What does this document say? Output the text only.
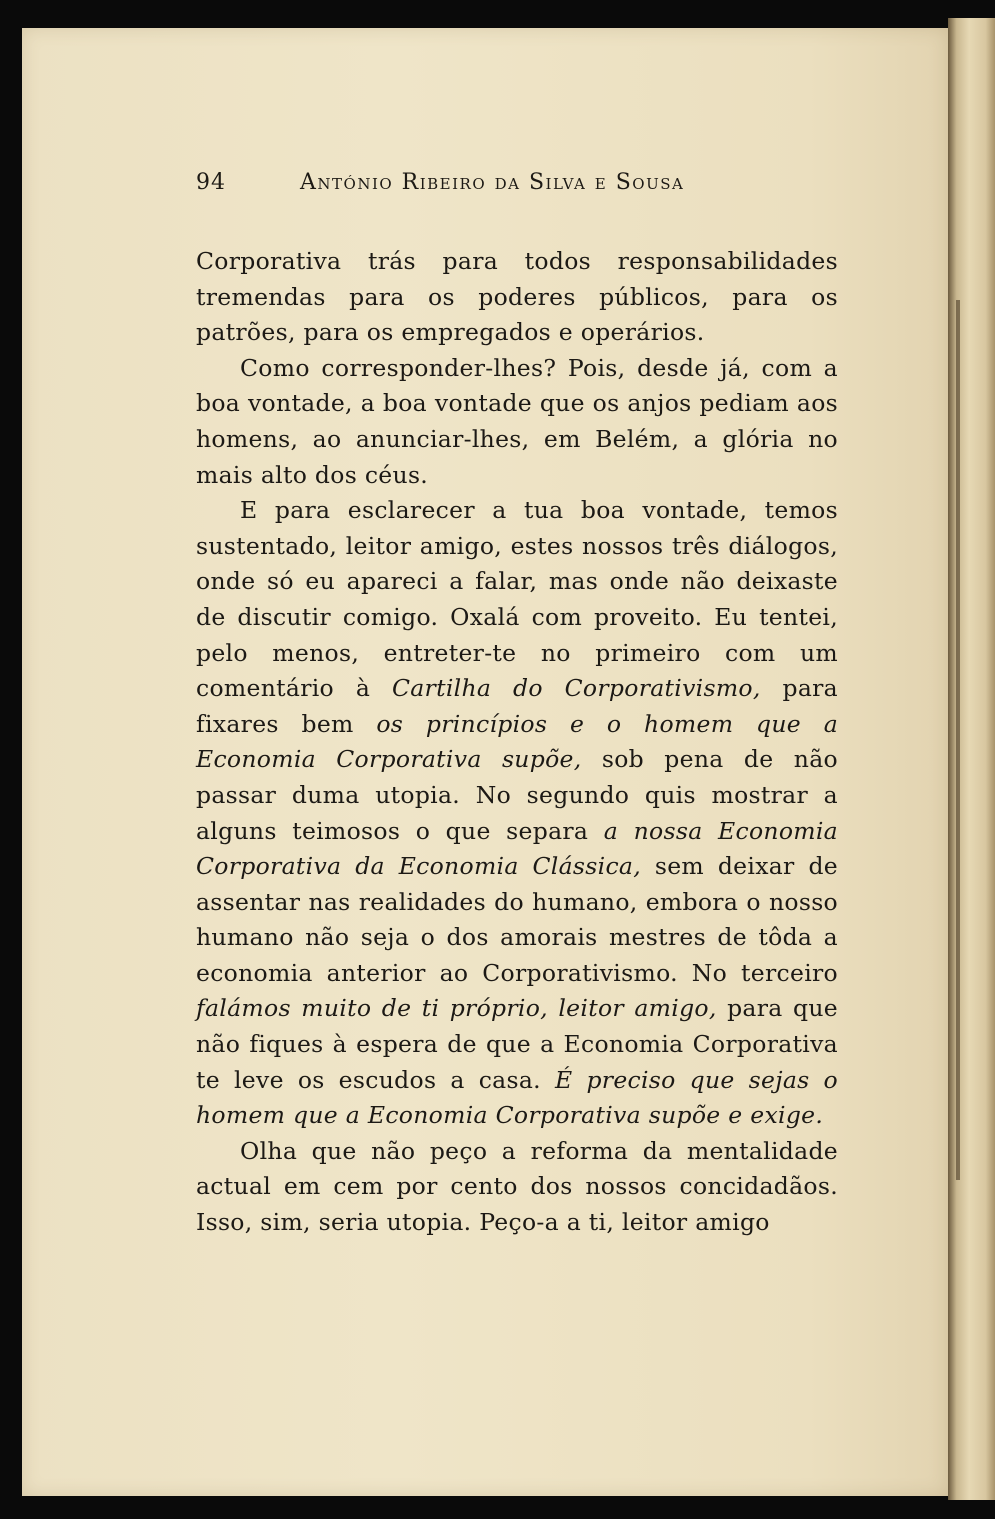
94	António Ribeiro da Silva e Sousa

Corporativa trás para todos responsabilidades tremendas para os poderes públicos, para os patrões, para os empregados e operários.

Como corresponder-lhes? Pois, desde já, com a boa vontade, a boa vontade que os anjos pediam aos homens, ao anunciar-lhes, em Belém, a glória no mais alto dos céus.

E para esclarecer a tua boa vontade, temos sustentado, leitor amigo, estes nossos três diálogos, onde só eu apareci a falar, mas onde não deixaste de discutir comigo. Oxalá com proveito. Eu tentei, pelo menos, entreter-te no primeiro com um comentário à Cartilha do Corporativismo, para fixares bem os princípios e o homem que a Economia Corporativa supõe, sob pena de não passar duma utopia. No segundo quis mostrar a alguns teimosos o que separa a nossa Economia Corporativa da Economia Clássica, sem deixar de assentar nas realidades do humano, embora o nosso humano não seja o dos amorais mestres de tôda a economia anterior ao Corporativismo. No terceiro falámos muito de ti próprio, leitor amigo, para que não fiques à espera de que a Economia Corporativa te leve os escudos a casa. É preciso que sejas o homem que a Economia Corporativa supõe e exige.

Olha que não peço a reforma da mentalidade actual em cem por cento dos nossos concidadãos. Isso, sim, seria utopia. Peço-a a ti, leitor amigo
